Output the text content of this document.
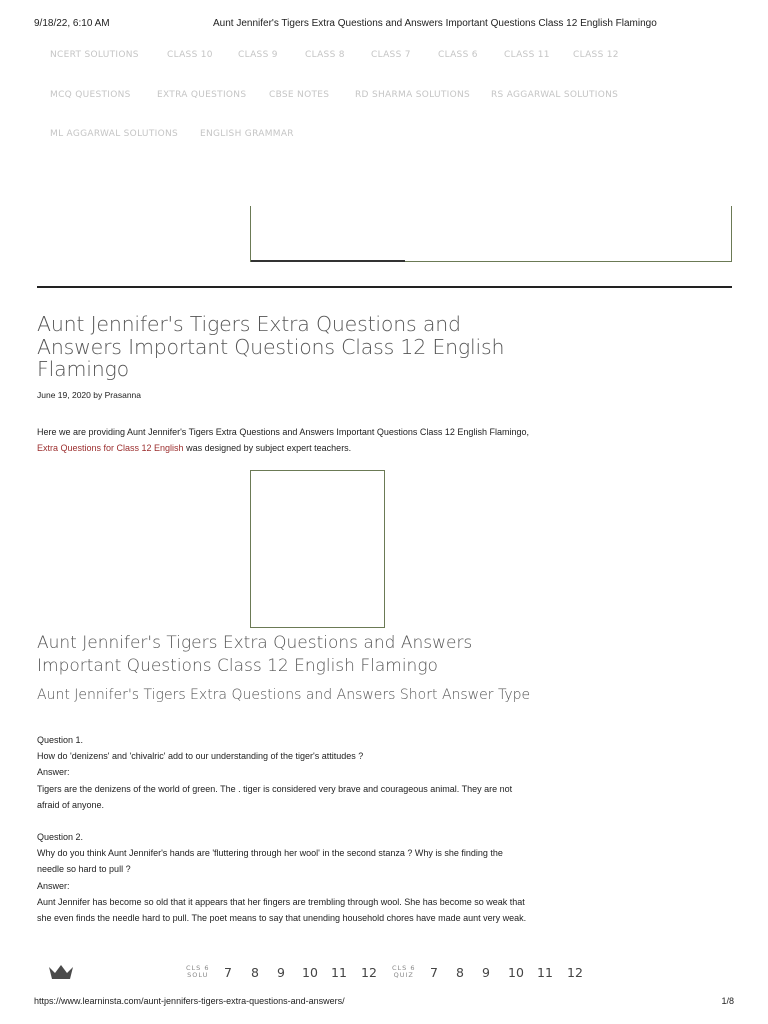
9/18/22, 6:10 AM	Aunt Jennifer's Tigers Extra Questions and Answers Important Questions Class 12 English Flamingo
NCERT SOLUTIONS	CLASS 10	CLASS 9	CLASS 8	CLASS 7	CLASS 6	CLASS 11	CLASS 12
MCQ QUESTIONS	EXTRA QUESTIONS	CBSE NOTES	RD SHARMA SOLUTIONS RS AGGARWAL SOLUTIONS
ML AGGARWAL SOLUTIONS ENGLISH GRAMMAR
Aunt Jennifer's Tigers Extra Questions and Answers Important Questions Class 12 English Flamingo
June 19, 2020 by Prasanna
Here we are providing Aunt Jennifer's Tigers Extra Questions and Answers Important Questions Class 12 English Flamingo, Extra Questions for Class 12 English was designed by subject expert teachers.
Aunt Jennifer's Tigers Extra Questions and Answers Important Questions Class 12 English Flamingo
Aunt Jennifer's Tigers Extra Questions and Answers Short Answer Type

Question 1.

How do 'denizens' and 'chivalric' add to our understanding of the tiger's attitudes ?

Answer:

Tigers are the denizens of the world of green. The . tiger is considered very brave and courageous animal. They are not afraid of anyone.

Question 2.

Why do you think Aunt Jennifer's hands are 'fluttering through her wool' in the second stanza ? Why is she finding the needle so hard to pull ?

Answer:

Aunt Jennifer has become so old that it appears that her fingers are trembling through wool. She has become so weak that she even finds the needle hard to pull. The poet means to say that unending household chores have made aunt very weak.

CLS 6
SOLU 7 8 9 10 11 12 CLS 6
QUIZ 7 8 9 10 11 12
https://www.learninsta.com/aunt-jennifers-tigers-extra-questions-and-answers/	1/8
